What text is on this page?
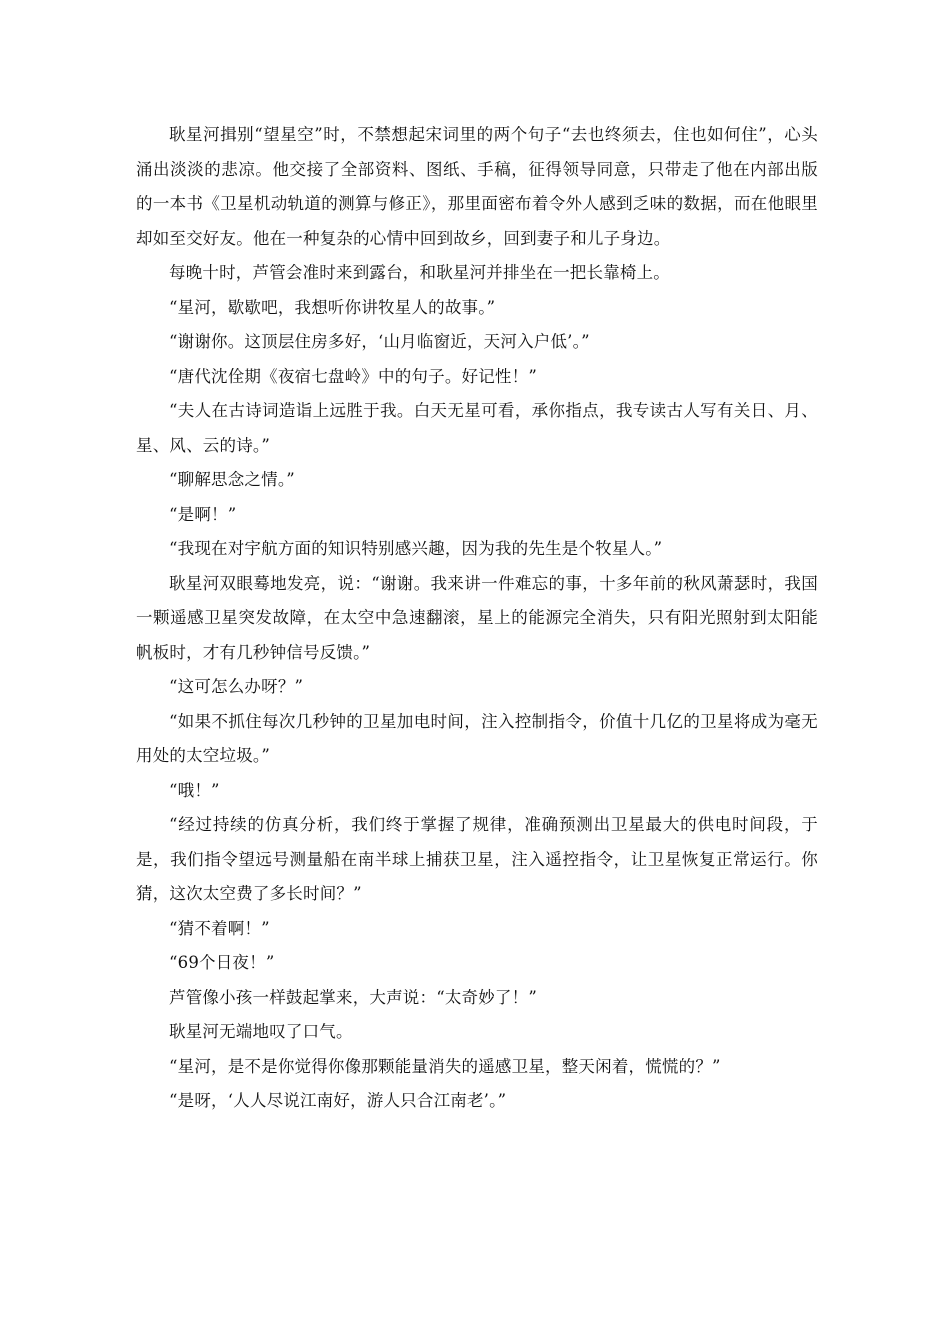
耿星河揖别“望星空”时，不禁想起宋词里的两个句子“去也终须去，住也如何住”，心头涌出淡淡的悲凉。他交接了全部资料、图纸、手稿，征得领导同意，只带走了他在内部出版的一本书《卫星机动轨道的测算与修正》，那里面密布着令外人感到乏味的数据，而在他眼里却如至交好友。他在一种复杂的心情中回到故乡，回到妻子和儿子身边。

每晚十时，芦管会准时来到露台，和耿星河并排坐在一把长靠椅上。

“星河，歇歇吧，我想听你讲牧星人的故事。”

“谢谢你。这顶层住房多好，‘山月临窗近，天河入户低’。”

“唐代沈佺期《夜宿七盘岭》中的句子。好记性！”

“夫人在古诗词造诣上远胜于我。白天无星可看，承你指点，我专读古人写有关日、月、星、风、云的诗。”

“聊解思念之情。”

“是啊！”

“我现在对宇航方面的知识特别感兴趣，因为我的先生是个牧星人。”

耿星河双眼蓦地发亮，说：“谢谢。我来讲一件难忘的事，十多年前的秋风萧瑟时，我国一颗遥感卫星突发故障，在太空中急速翻滚，星上的能源完全消失，只有阳光照射到太阳能帆板时，才有几秒钟信号反馈。”

“这可怎么办呀？”

“如果不抓住每次几秒钟的卫星加电时间，注入控制指令，价值十几亿的卫星将成为毫无用处的太空垃圾。”

“哦！”

“经过持续的仿真分析，我们终于掌握了规律，准确预测出卫星最大的供电时间段，于是，我们指令望远号测量船在南半球上捕获卫星，注入遥控指令，让卫星恢复正常运行。你猜，这次太空费了多长时间？”

“猜不着啊！”

“69个日夜！”

芦管像小孩一样鼓起掌来，大声说：“太奇妙了！”

耿星河无端地叹了口气。

“星河，是不是你觉得你像那颗能量消失的遥感卫星，整天闲着，慌慌的？”

“是呀，‘人人尽说江南好，游人只合江南老’。”
